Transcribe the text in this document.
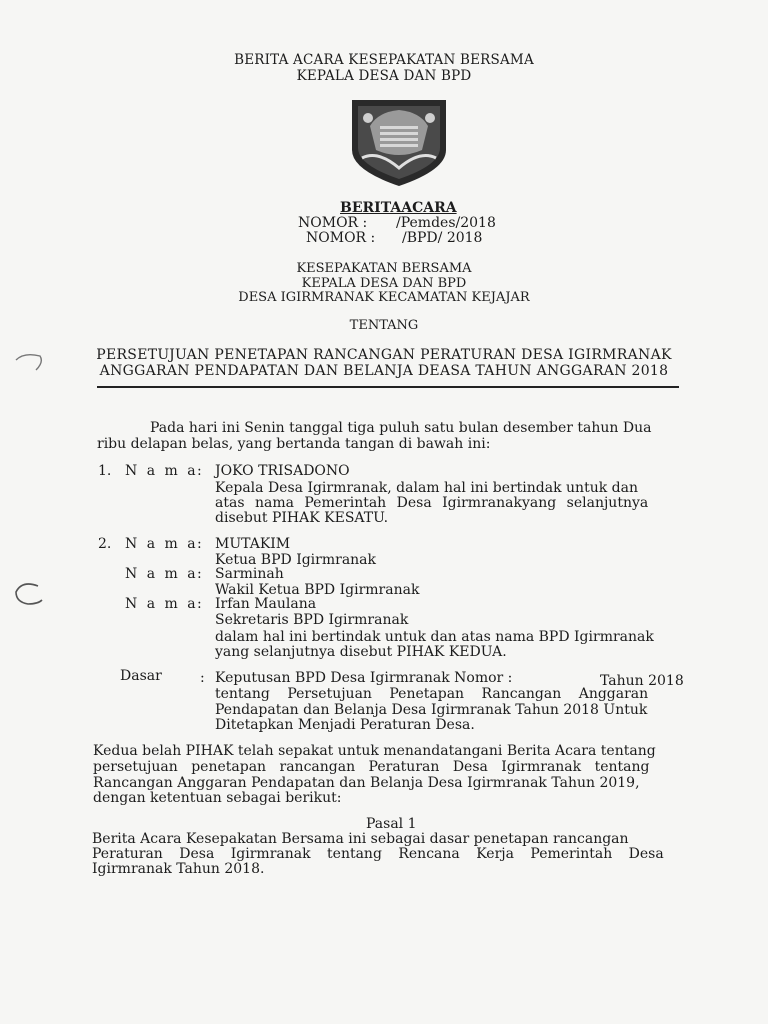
BERITA ACARA KESEPAKATAN BERSAMA
KEPALA DESA DAN BPD
BERITAACARA
NOMOR : /Pemdes/2018
NOMOR : /BPD/ 2018
KESEPAKATAN BERSAMA
KEPALA DESA DAN BPD
DESA IGIRMRANAK KECAMATAN KEJAJAR
TENTANG
PERSETUJUAN PENETAPAN RANCANGAN PERATURAN DESA IGIRMRANAK
ANGGARAN PENDAPATAN DAN BELANJA DEASA TAHUN ANGGARAN 2018
Pada hari ini Senin tanggal tiga puluh satu bulan desember tahun Dua
ribu delapan belas, yang bertanda tangan di bawah ini:
1. N a m a
: JOKO TRISADONO
Kepala Desa Igirmranak, dalam hal ini bertindak untuk dan
atas nama Pemerintah Desa Igirmranakyang selanjutnya
disebut PIHAK KESATU.
2. N a m a
: MUTAKIM
Ketua BPD Igirmranak
N a m a
: Sarminah
Wakil Ketua BPD Igirmranak
N a m a
: Irfan Maulana
Sekretaris BPD Igirmranak
dalam hal ini bertindak untuk dan atas nama BPD Igirmranak
yang selanjutnya disebut PIHAK KEDUA.
Dasar	: Keputusan BPD Desa Igirmranak Nomor :	Tahun 2018
tentang Persetujuan Penetapan Rancangan Anggaran
Pendapatan dan Belanja Desa Igirmranak Tahun 2018 Untuk
Ditetapkan Menjadi Peraturan Desa.
Kedua belah PIHAK telah sepakat untuk menandatangani Berita Acara tentang
persetujuan penetapan rancangan Peraturan Desa Igirmranak tentang
Rancangan Anggaran Pendapatan dan Belanja Desa Igirmranak Tahun 2019,
dengan ketentuan sebagai berikut:
Pasal 1
Berita Acara Kesepakatan Bersama ini sebagai dasar penetapan rancangan
Peraturan Desa Igirmranak tentang Rencana Kerja Pemerintah Desa
Igirmranak Tahun 2018.
